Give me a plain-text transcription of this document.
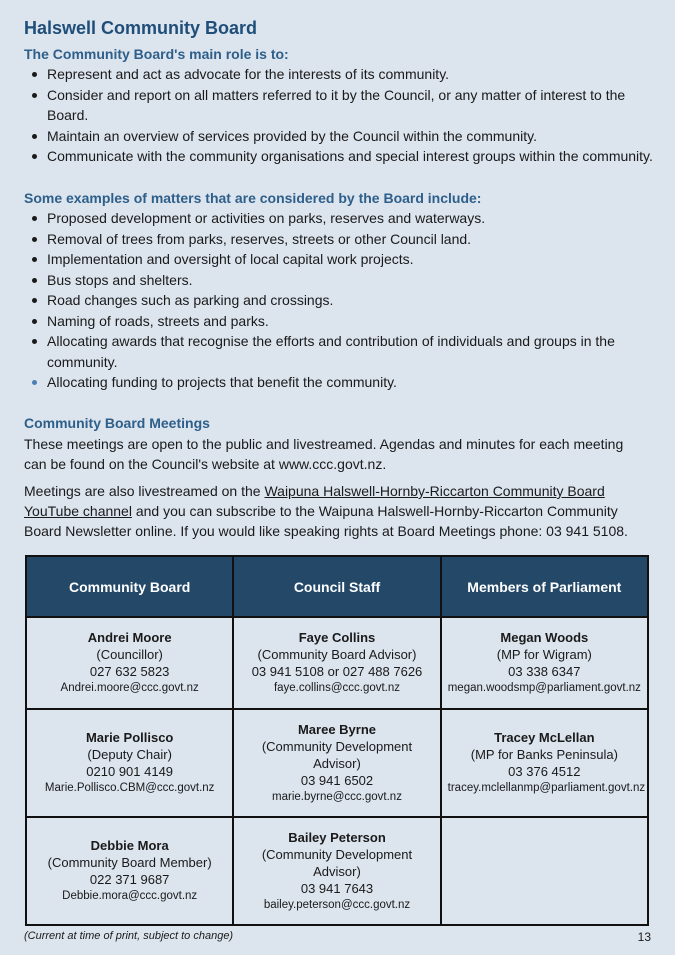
Halswell Community Board
The Community Board's main role is to:
Represent and act as advocate for the interests of its community.
Consider and report on all matters referred to it by the Council, or any matter of interest to the Board.
Maintain an overview of services provided by the Council within the community.
Communicate with the community organisations and special interest groups within the community.
Some examples of matters that are considered by the Board include:
Proposed development or activities on parks, reserves and waterways.
Removal of trees from parks, reserves, streets or other Council land.
Implementation and oversight of local capital work projects.
Bus stops and shelters.
Road changes such as parking and crossings.
Naming of roads, streets and parks.
Allocating awards that recognise the efforts and contribution of individuals and groups in the community.
Allocating funding to projects that benefit the community.
Community Board Meetings

These meetings are open to the public and livestreamed. Agendas and minutes for each meeting can be found on the Council's website at www.ccc.govt.nz.

Meetings are also livestreamed on the Waipuna Halswell-Hornby-Riccarton Community Board YouTube channel and you can subscribe to the Waipuna Halswell-Hornby-Riccarton Community Board Newsletter online. If you would like speaking rights at Board Meetings phone: 03 941 5108.

Community Board	Council Staff	Members of Parliament

Andrei Moore
(Councillor)
027 632 5823
Andrei.moore@ccc.govt.nz	Faye Collins
(Community Board Advisor)
03 941 5108 or 027 488 7626
faye.collins@ccc.govt.nz	Megan Woods
(MP for Wigram)
03 338 6347
megan.woodsmp@parliament.govt.nz

Marie Pollisco
(Deputy Chair)
0210 901 4149
Marie.Pollisco.CBM@ccc.govt.nz	Maree Byrne
(Community Development Advisor)
03 941 6502
marie.byrne@ccc.govt.nz	Tracey McLellan
(MP for Banks Peninsula)
03 376 4512
tracey.mclellanmp@parliament.govt.nz

Debbie Mora
(Community Board Member)
022 371 9687
Debbie.mora@ccc.govt.nz	Bailey Peterson
(Community Development Advisor)
03 941 7643
bailey.peterson@ccc.govt.nz	

(Current at time of print, subject to change)	13
